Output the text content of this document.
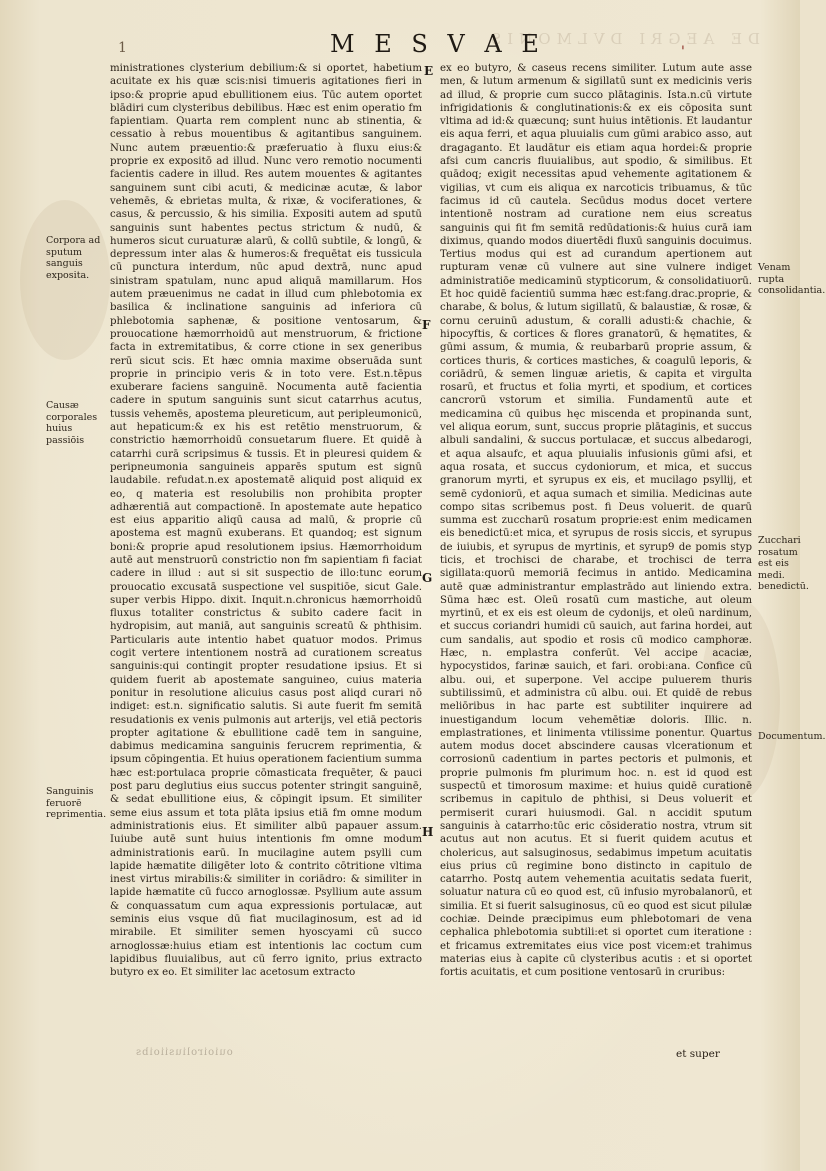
DE AEGRI DVLMONIS
1	M E S V A E	'

ministrationes clysterium debilium:& si oportet, habetium acuitate ex his quæ scis:nisi timueris agitationes fieri in ipso:& proprie apud ebullitionem eius. Tūc autem oportet blādiri cum clysteribus debilibus. Hæc est enim operatio fm fapientiam. Quarta rem complent nunc ab stinentia, & cessatio à rebus mouentibus & agitantibus sanguinem. Nunc autem præuentio:& præferuatio à fluxu eius:& proprie ex expositō ad illud. Nunc vero remotio nocumenti facientis cadere in illud. Res autem mouentes & agitantes sanguinem sunt cibi acuti, & medicinæ acutæ, & labor vehemēs, & ebrietas multa, & rixæ, & vociferationes, & casus, & percussio, & his similia. Expositi autem ad sputū sanguinis sunt habentes pectus strictum & nudū, & humeros sicut curuaturæ alarū, & collū subtile, & longū, & depressum inter alas & humeros:& frequētat eis tussicula cū punctura interdum, nūc apud dextrā, nunc apud sinistram spatulam, nunc apud aliquā mamillarum. Hos autem præuenimus ne cadat in illud cum phlebotomia ex basilica & inclinatione sanguinis ad inferiora cū phlebotomia saphenæ, & positione ventosarum, & prouocatione hæmorrhoidū aut menstruorum, & frictione facta in extremitatibus, & corre ctione in sex generibus rerū sicut scis. Et hæc omnia maxime obseruāda sunt proprie in principio veris & in toto vere. Est.n.tēpus exuberare faciens sanguinē. Nocumenta autē facientia cadere in sputum sanguinis sunt sicut catarrhus acutus, tussis vehemēs, apostema pleureticum, aut peripleumonicū, aut hepaticum:& ex his est retētio menstruorum, & constrictio hæmorrhoidū consuetarum fluere. Et quidē à catarrhi curā scripsimus & tussis. Et in pleuresi quidem & peripneumonia sanguineis apparēs sputum est signū laudabile. refudat.n.ex apostematē aliquid post aliquid ex eo, q materia est resolubilis non prohibita propter adhærentiā aut compactionē. In apostemate aute hepatico est eius apparitio aliqū causa ad malū, & proprie cū apostema est magnū exuberans. Et quandoq; est signum boni:& proprie apud resolutionem ipsius. Hæmorrhoidum autē aut menstruorū constrictio non fm sapientiam fi faciat cadere in illud : aut si sit suspectio de illo:tunc eorum prouocatio excusatā suspectione vel suspitiōe, sicut Gale. super verbis Hippo. dixit. Inquit.n.chronicus hæmorrhoidū fluxus totaliter constrictus & subito cadere facit in hydropisim, aut maniā, aut sanguinis screatū & phthisim. Particularis aute intentio habet quatuor modos. Primus cogit vertere intentionem nostrā ad curationem screatus sanguinis:qui contingit propter resudatione ipsius. Et si quidem fuerit ab apostemate sanguineo, cuius materia ponitur in resolutione alicuius casus post aliqd curari nō indiget: est.n. significatio salutis. Si aute fuerit fm semitā resudationis ex venis pulmonis aut arterijs, vel etiā pectoris propter agitatione & ebullitione cadē tem in sanguine, dabimus medicamina sanguinis ferucrem reprimentia, & ipsum cōpingentia. Et huius operationem facientium summa hæc est:portulaca proprie cōmasticata frequēter, & pauci post paru deglutius eius succus potenter stringit sanguinē, & sedat ebullitione eius, & cōpingit ipsum. Et similiter seme eius assum et tota plāta ipsius etiā fm omne modum administrationis eius. Et similiter albū papauer assum. Iuiube autē sunt huius intentionis fm omne modum administrationis earū. In mucilagine autem psylli cum lapide hæmatite diligēter loto & contrito cōtritione vltima inest virtus mirabilis:& similiter in coriādro: & similiter in lapide hæmatite cū fucco arnoglossæ. Psyllium aute assum & conquassatum cum aqua expressionis portulacæ, aut seminis eius vsque dū fiat mucilaginosum, est ad id mirabile. Et similiter semen hyoscyami cū succo arnoglossæ:huius etiam est intentionis lac coctum cum lapidibus fluuialibus, aut cū ferro ignito, prius extracto butyro ex eo. Et similiter lac acetosum extracto

ex eo butyro, & caseus recens similiter. Lutum aute asse men, & lutum armenum & sigillatū sunt ex medicinis veris ad illud, & proprie cum succo plātaginis. Ista.n.cū virtute infrigidationis & conglutinationis:& ex eis cōposita sunt vltima ad id:& quæcunq; sunt huius intētionis. Et laudantur eis aqua ferri, et aqua pluuialis cum gūmi arabico asso, aut dragaganto. Et laudātur eis etiam aqua hordei:& proprie afsi cum cancris fluuialibus, aut spodio, & similibus. Et quādoq; exigit necessitas apud vehemente agitationem & vigilias, vt cum eis aliqua ex narcoticis tribuamus, & tūc facimus id cū cautela. Secūdus modus docet vertere intentionē nostram ad curatione nem eius screatus sanguinis qui fit fm semitā redūdationis:& huius curā iam diximus, quando modos diuertēdi fluxū sanguinis docuimus. Tertius modus qui est ad curandum apertionem aut rupturam venæ cū vulnere aut sine vulnere indiget administratiōe medicaminū stypticorum, & consolidatiuorū. Et hoc quidē facientiū summa hæc est:fang.drac.proprie, & charabe, & bolus, & lutum sigillatū, & balaustiæ, & rosæ, & cornu ceruinū adustum, & coralli adusti:& chachie, & hipocyftis, & cortices & flores granatorū, & hęmatites, & gūmi assum, & mumia, & reubarbarū proprie assum, & cortices thuris, & cortices mastiches, & coagulū leporis, & coriādrū, & semen linguæ arietis, & capita et virgulta rosarū, et fructus et folia myrti, et spodium, et cortices cancrorū vstorum et similia. Fundamentū aute et medicamina cū quibus hęc miscenda et propinanda sunt, vel aliqua eorum, sunt, succus proprie plātaginis, et succus albuli sandalini, & succus portulacæ, et succus albedarogi, et aqua alsaufc, et aqua pluuialis infusionis gūmi afsi, et aqua rosata, et succus cydoniorum, et mica, et succus granorum myrti, et syrupus ex eis, et mucilago psyllij, et semē cydoniorū, et aqua sumach et similia. Medicinas aute compo sitas scribemus post. fi Deus voluerit. de quarū summa est zuccharū rosatum proprie:est enim medicamen eis benedictū:et mica, et syrupus de rosis siccis, et syrupus de iuiubis, et syrupus de myrtinis, et syrup9 de pomis styp ticis, et trochisci de charabe, et trochisci de terra sigillata:quorū memoriā fecimus in antido. Medicamina autē quæ administrantur emplastrādo aut liniendo extra. Sūma hæc est. Oleū rosatū cum mastiche, aut oleum myrtinū, et ex eis est oleum de cydonijs, et oleū nardinum, et succus coriandri humidi cū sauich, aut farina hordei, aut cum sandalis, aut spodio et rosis cū modico camphoræ. Hæc, n. emplastra conferūt. Vel accipe acaciæ, hypocystidos, farinæ sauich, et fari. orobi:ana. Confice cū albu. oui, et superpone. Vel accipe puluerem thuris subtilissimū, et administra cū albu. oui. Et quidē de rebus meliōribus in hac parte est subtiliter inquirere ad inuestigandum locum vehemētiæ doloris. Illic. n. emplastrationes, et linimenta vtilissime ponentur. Quartus autem modus docet abscindere causas vlcerationum et corrosionū cadentium in partes pectoris et pulmonis, et proprie pulmonis fm plurimum hoc. n. est id quod est suspectū et timorosum maxime: et huius quidē curationē scribemus in capitulo de phthisi, si Deus voluerit et permiserit curari huiusmodi. Gal. n accidit sputum sanguinis à catarrho:tūc eric cōsideratio nostra, vtrum sit acutus aut non acutus. Et si fuerit quidem acutus et cholericus, aut salsuginosus, sedabimus impetum acuitatis eius prius cū regimine bono distincto in capitulo de catarrho. Postq autem vehementia acuitatis sedata fuerit, soluatur natura cū eo quod est, cū infusio myrobalanorū, et similia. Et si fuerit salsuginosus, cū eo quod est sicut pilulæ cochiæ. Deinde præcipimus eum phlebotomari de vena cephalica phlebotomia subtili:et si oportet cum iteratione : et fricamus extremitates eius vice post vicem:et trahimus materias eius à capite cū clysteribus acutis : et si oportet fortis acuitatis, et cum positione ventosarū in cruribus:

E
F
G
H
Corpora ad sputum sanguis exposita.
Causæ corporales huius passiōis
Sanguinis feruorē reprimentia.
Venam rupta consolidantia.
Zucchari rosatum est eis medi. benedictū.
Documentum.
et super
ouioiroliusiioibs
